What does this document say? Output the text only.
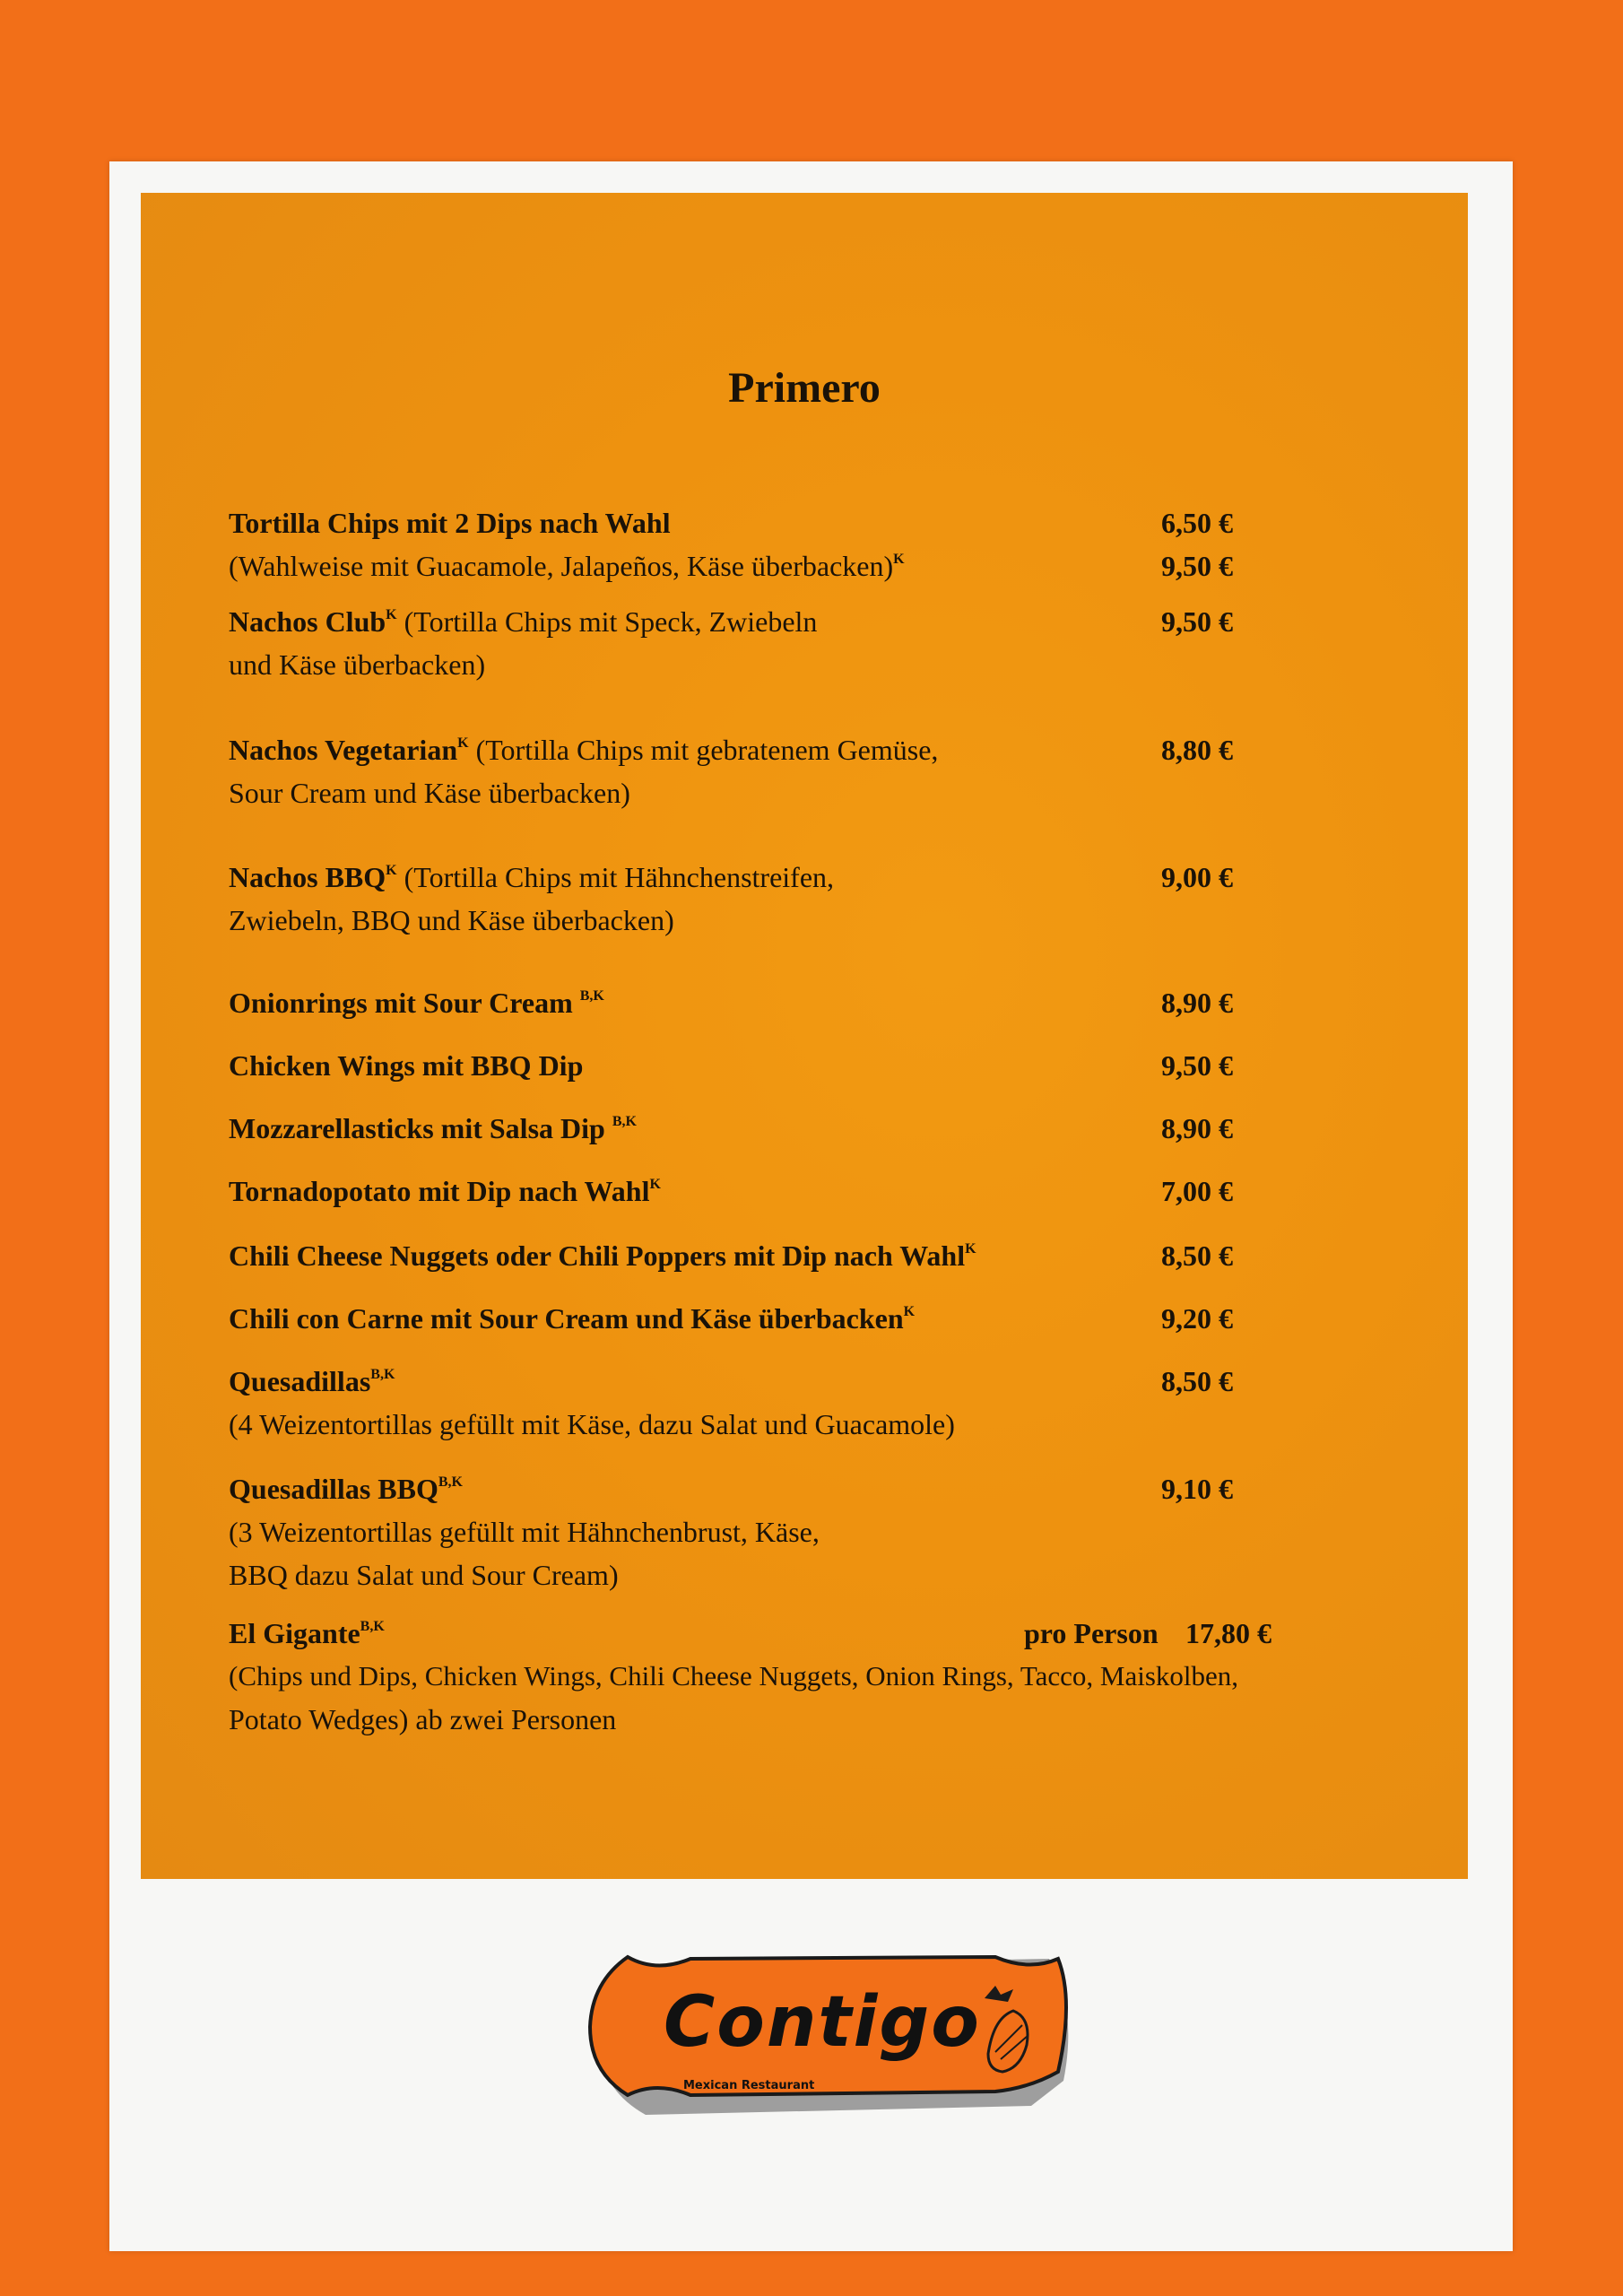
Primero
Tortilla Chips mit 2 Dips nach Wahl	6,50 €
(Wahlweise mit Guacamole, Jalapeños, Käse überbacken)$^K$	9,50 €
Nachos Club$^K$ (Tortilla Chips mit Speck, Zwiebeln	9,50 €
und Käse überbacken)
Nachos Vegetarian$^K$ (Tortilla Chips mit gebratenem Gemüse,	8,80 €
Sour Cream und Käse überbacken)
Nachos $BBQ^K$ (Tortilla Chips mit Hähnchenstreifen,	9,00 €
Zwiebeln, BBQ und Käse überbacken)
Onionrings mit Sour Cream $^{B,K}$	8,90 €
Chicken Wings mit BBQ Dip	9,50 €
Mozzarellasticks mit Salsa Dip $^{B,K}$	8,90 €
Tornadopotato mit Dip nach Wahl$^K$	7,00 €
Chili Cheese Nuggets oder Chili Poppers mit Dip nach Wahl$^K$	8,50 €
Chili con Carne mit Sour Cream und Käse überbacken$^K$	9,20 €
Quesadillas$^{B,K}$	8,50 €
(4 Weizentortillas gefüllt mit Käse, dazu Salat und Guacamole)
Quesadillas $BBQ^{B,K}$	9,10 €
(3 Weizentortillas gefüllt mit Hähnchenbrust, Käse,
BBQ dazu Salat und Sour Cream)
El Gigante$^{B,K}$	pro Person 17,80 €
(Chips und Dips, Chicken Wings, Chili Cheese Nuggets, Onion Rings, Tacco, Maiskolben,
Potato Wedges) ab zwei Personen
Contigo
Mexican Restaurant
